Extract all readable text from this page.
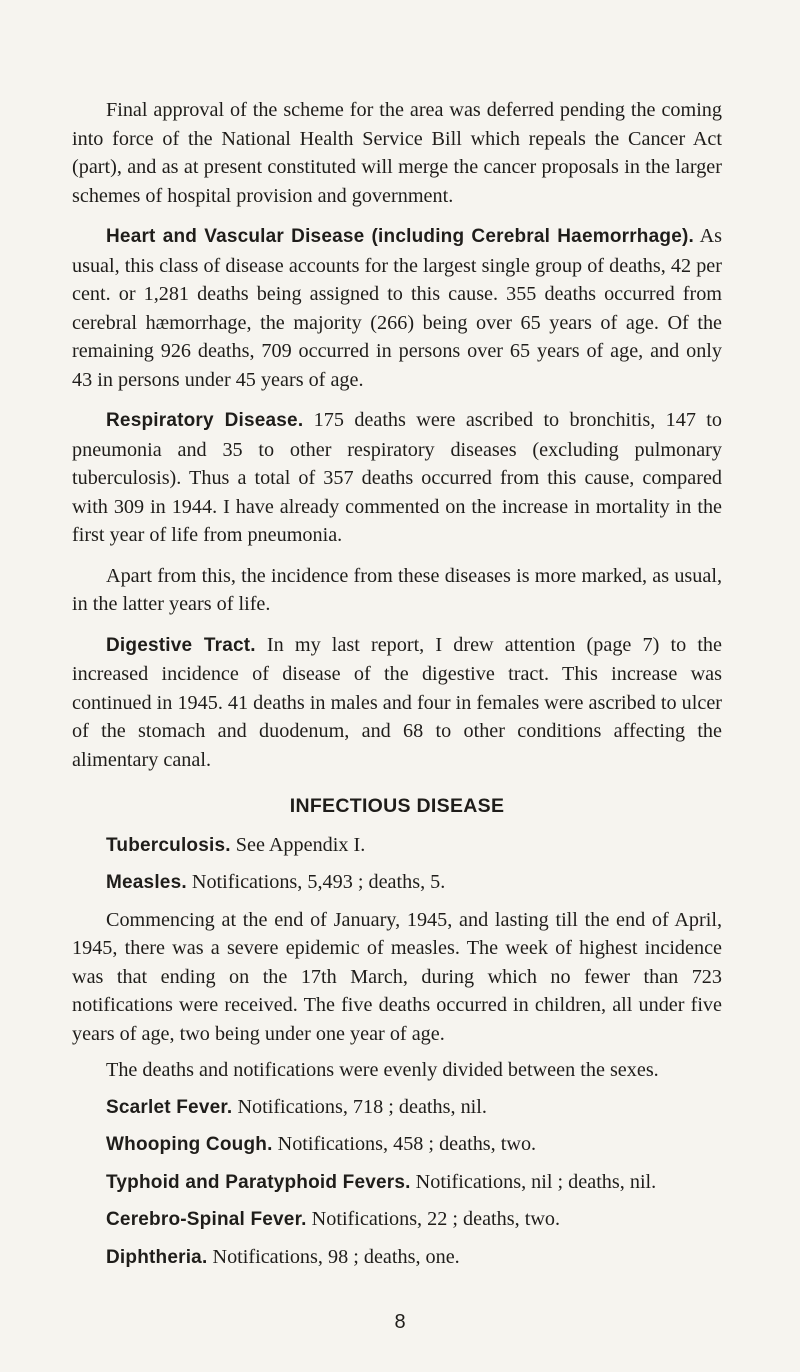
Final approval of the scheme for the area was deferred pending the coming into force of the National Health Service Bill which repeals the Cancer Act (part), and as at present constituted will merge the cancer proposals in the larger schemes of hospital provision and government.

Heart and Vascular Disease (including Cerebral Haemorrhage). As usual, this class of disease accounts for the largest single group of deaths, 42 per cent. or 1,281 deaths being assigned to this cause. 355 deaths occurred from cerebral hæmorrhage, the majority (266) being over 65 years of age. Of the remaining 926 deaths, 709 occurred in persons over 65 years of age, and only 43 in persons under 45 years of age.

Respiratory Disease. 175 deaths were ascribed to bronchitis, 147 to pneumonia and 35 to other respiratory diseases (excluding pulmonary tuberculosis). Thus a total of 357 deaths occurred from this cause, compared with 309 in 1944. I have already commented on the increase in mortality in the first year of life from pneumonia.

Apart from this, the incidence from these diseases is more marked, as usual, in the latter years of life.

Digestive Tract. In my last report, I drew attention (page 7) to the increased incidence of disease of the digestive tract. This increase was continued in 1945. 41 deaths in males and four in females were ascribed to ulcer of the stomach and duodenum, and 68 to other conditions affecting the alimentary canal.

INFECTIOUS DISEASE

Tuberculosis. See Appendix I.

Measles. Notifications, 5,493 ; deaths, 5.

Commencing at the end of January, 1945, and lasting till the end of April, 1945, there was a severe epidemic of measles. The week of highest incidence was that ending on the 17th March, during which no fewer than 723 notifications were received. The five deaths occurred in children, all under five years of age, two being under one year of age.

The deaths and notifications were evenly divided between the sexes.

Scarlet Fever. Notifications, 718 ; deaths, nil.

Whooping Cough. Notifications, 458 ; deaths, two.

Typhoid and Paratyphoid Fevers. Notifications, nil ; deaths, nil.

Cerebro-Spinal Fever. Notifications, 22 ; deaths, two.

Diphtheria. Notifications, 98 ; deaths, one.

8
